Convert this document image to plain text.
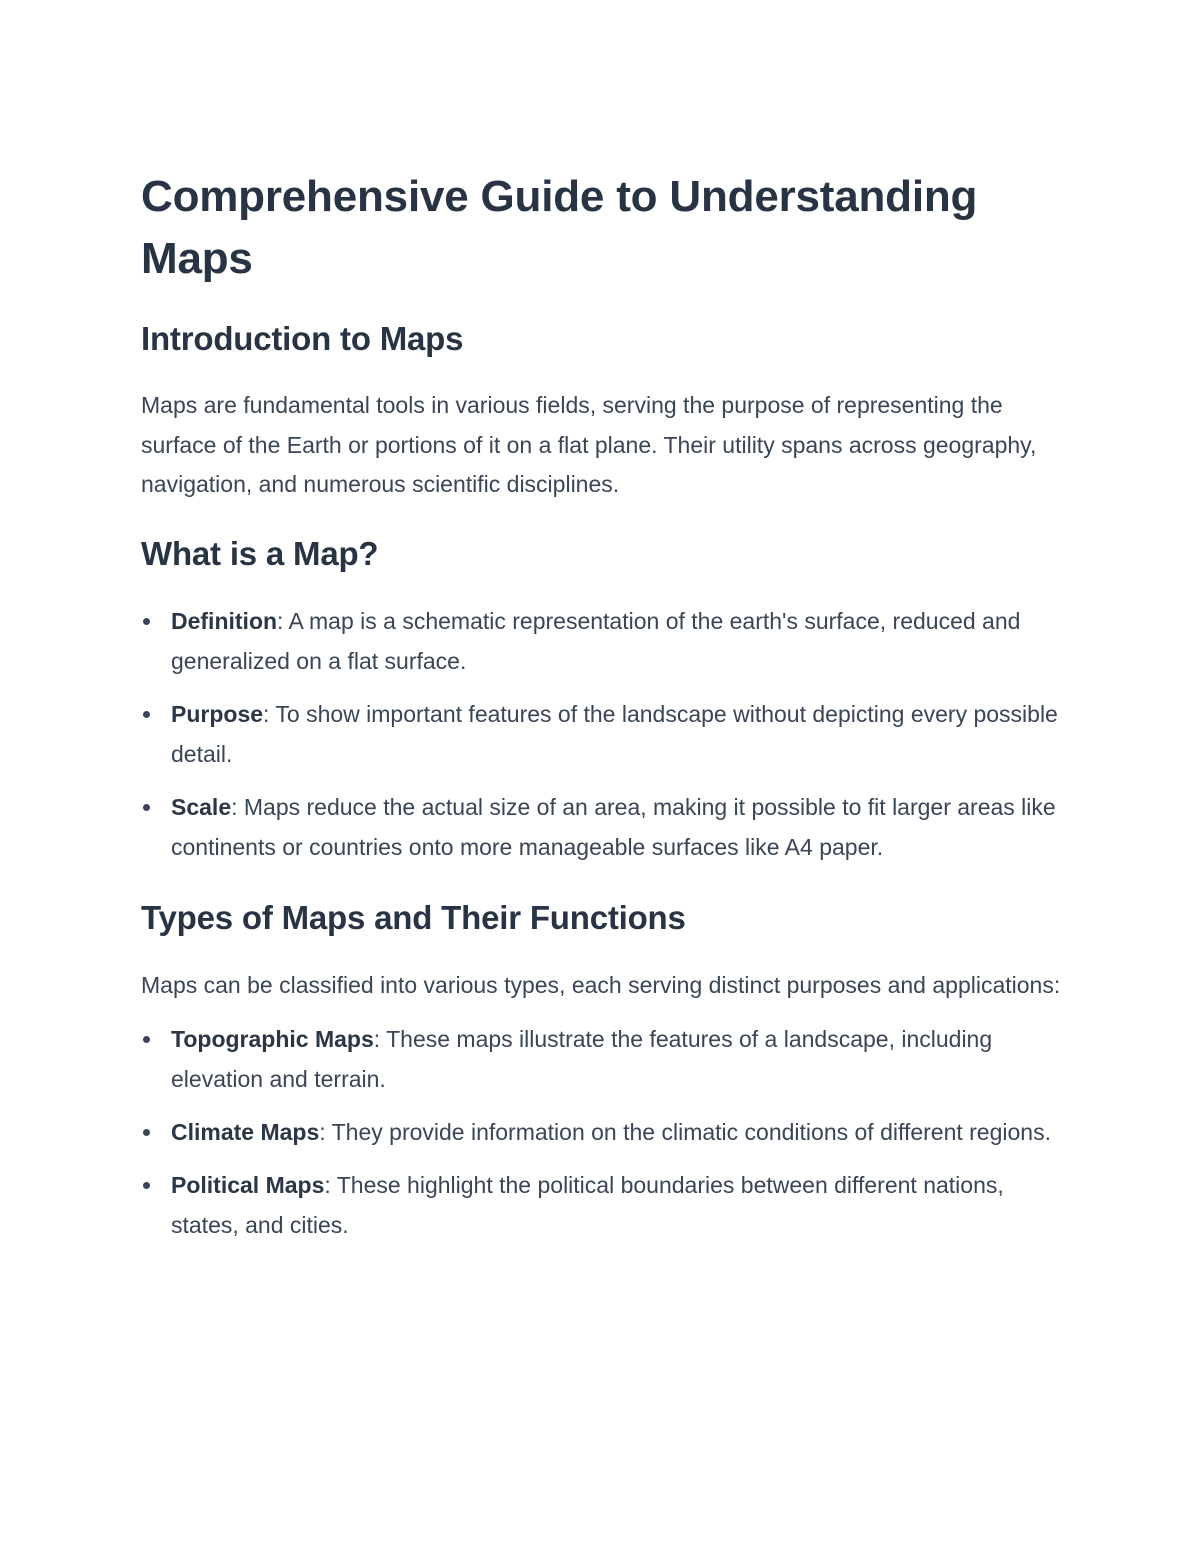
Comprehensive Guide to Understanding Maps
Introduction to Maps

Maps are fundamental tools in various fields, serving the purpose of representing the surface of the Earth or portions of it on a flat plane. Their utility spans across geography, navigation, and numerous scientific disciplines.

What is a Map?
Definition: A map is a schematic representation of the earth's surface, reduced and generalized on a flat surface.
Purpose: To show important features of the landscape without depicting every possible detail.
Scale: Maps reduce the actual size of an area, making it possible to fit larger areas like continents or countries onto more manageable surfaces like A4 paper.
Types of Maps and Their Functions

Maps can be classified into various types, each serving distinct purposes and applications:

Topographic Maps: These maps illustrate the features of a landscape, including elevation and terrain.
Climate Maps: They provide information on the climatic conditions of different regions.
Political Maps: These highlight the political boundaries between different nations, states, and cities.
